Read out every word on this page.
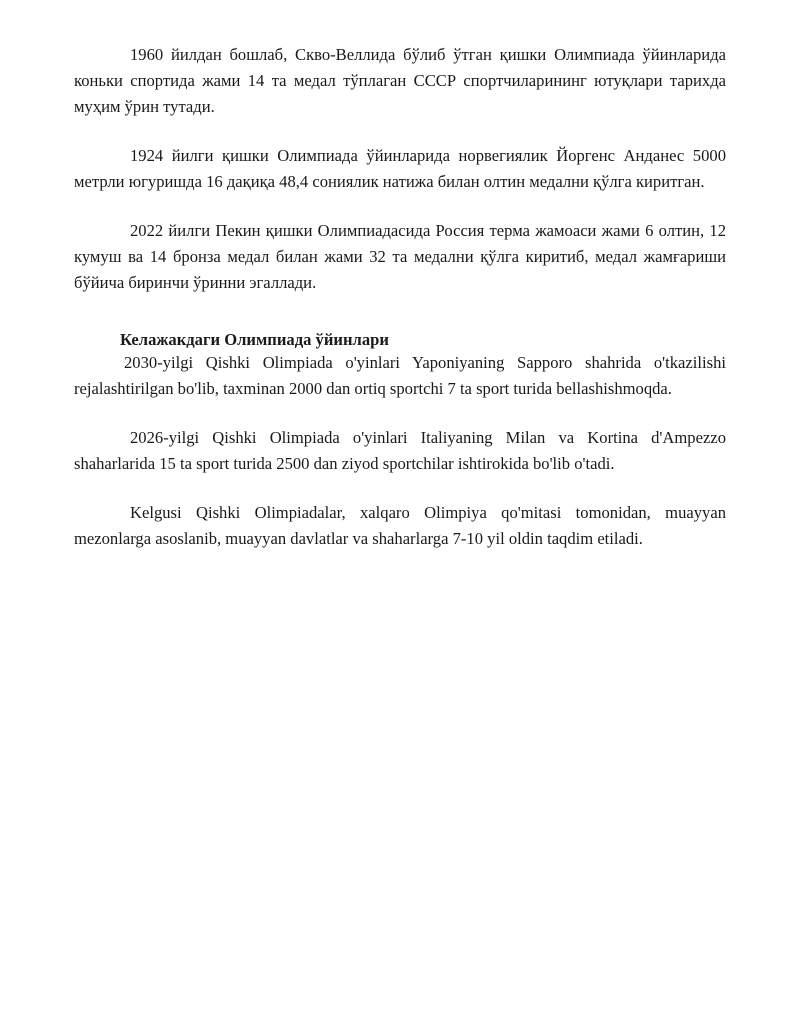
1960 йилдан бошлаб, Скво-Веллида бўлиб ўтган қишки Олимпиада ўйинларида коньки спортида жами 14 та медал тўплаган СССР спортчиларининг ютуқлари тарихда муҳим ўрин тутади.

1924 йилги қишки Олимпиада ўйинларида норвегиялик Йоргенс Анданес 5000 метрли югуришда 16 дақиқа 48,4 сониялик натижа билан олтин медални қўлга киритган.

2022 йилги Пекин қишки Олимпиадасида Россия терма жамоаси жами 6 олтин, 12 кумуш ва 14 бронза медал билан жами 32 та медални қўлга киритиб, медал жамғариши бўйича биринчи ўринни эгаллади.

Келажакдаги Олимпиада ўйинлари

2030-yilgi Qishki Olimpiada o'yinlari Yaponiyaning Sapporo shahrida o'tkazilishi rejalashtirilgan bo'lib, taxminan 2000 dan ortiq sportchi 7 ta sport turida bellashishmoqda.

2026-yilgi Qishki Olimpiada o'yinlari Italiyaning Milan va Kortina d'Ampezzo shaharlarida 15 ta sport turida 2500 dan ziyod sportchilar ishtirokida bo'lib o'tadi.

Kelgusi Qishki Olimpiadalar, xalqaro Olimpiya qo'mitasi tomonidan, muayyan mezonlarga asoslanib, muayyan davlatlar va shaharlarga 7-10 yil oldin taqdim etiladi.
